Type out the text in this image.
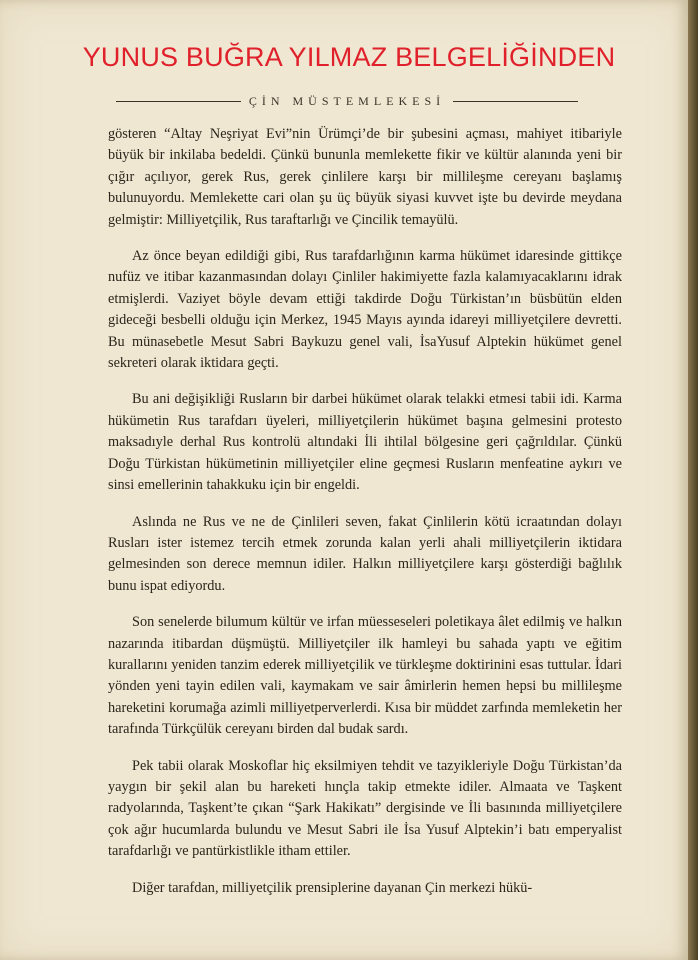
YUNUS BUĞRA YILMAZ BELGELİĞİNDEN
ÇİN MÜSTEMLEKESİ

gösteren “Altay Neşriyat Evi”nin Ürümçi’de bir şubesini açması, mahiyet itibariyle büyük bir inkilaba bedeldi. Çünkü bununla memlekette fikir ve kültür alanında yeni bir çığır açılıyor, gerek Rus, gerek çinlilere karşı bir millileşme cereyanı başlamış bulunuyordu. Memlekette cari olan şu üç büyük siyasi kuvvet işte bu devirde meydana gelmiştir: Milliyetçilik, Rus taraftarlığı ve Çincilik temayülü.

Az önce beyan edildiği gibi, Rus tarafdarlığının karma hükümet idaresinde gittikçe nufüz ve itibar kazanmasından dolayı Çinliler hakimiyette fazla kalamıyacaklarını idrak etmişlerdi. Vaziyet böyle devam ettiği takdirde Doğu Türkistan’ın büsbütün elden gideceği besbelli olduğu için Merkez, 1945 Mayıs ayında idareyi milliyetçilere devretti. Bu münasebetle Mesut Sabri Baykuzu genel vali, İsaYusuf Alptekin hükümet genel sekreteri olarak iktidara geçti.

Bu ani değişikliği Rusların bir darbei hükümet olarak telakki etmesi tabii idi. Karma hükümetin Rus tarafdarı üyeleri, milliyetçilerin hükümet başına gelmesini protesto maksadıyle derhal Rus kontrolü altındaki İli ihtilal bölgesine geri çağrıldılar. Çünkü Doğu Türkistan hükümetinin milliyetçiler eline geçmesi Rusların menfeatine aykırı ve sinsi emellerinin tahakkuku için bir engeldi.

Aslında ne Rus ve ne de Çinlileri seven, fakat Çinlilerin kötü icraatından dolayı Rusları ister istemez tercih etmek zorunda kalan yerli ahali milliyetçilerin iktidara gelmesinden son derece memnun idiler. Halkın milliyetçilere karşı gösterdiği bağlılık bunu ispat ediyordu.

Son senelerde bilumum kültür ve irfan müesseseleri poletikaya âlet edilmiş ve halkın nazarında itibardan düşmüştü. Milliyetçiler ilk hamleyi bu sahada yaptı ve eğitim kurallarını yeniden tanzim ederek milliyetçilik ve türkleşme doktirinini esas tuttular. İdari yönden yeni tayin edilen vali, kaymakam ve sair âmirlerin hemen hepsi bu millileşme hareketini korumağa azimli milliyetperverlerdi. Kısa bir müddet zarfında memleketin her tarafında Türkçülük cereyanı birden dal budak sardı.

Pek tabii olarak Moskoflar hiç eksilmiyen tehdit ve tazyikleriyle Doğu Türkistan’da yaygın bir şekil alan bu hareketi hınçla takip etmekte idiler. Almaata ve Taşkent radyolarında, Taşkent’te çıkan “Şark Hakikatı” dergisinde ve İli basınında milliyetçilere çok ağır hucumlarda bulundu ve Mesut Sabri ile İsa Yusuf Alptekin’i batı emperyalist tarafdarlığı ve pantürkistlikle itham ettiler.

Diğer tarafdan, milliyetçilik prensiplerine dayanan Çin merkezi hükü-
